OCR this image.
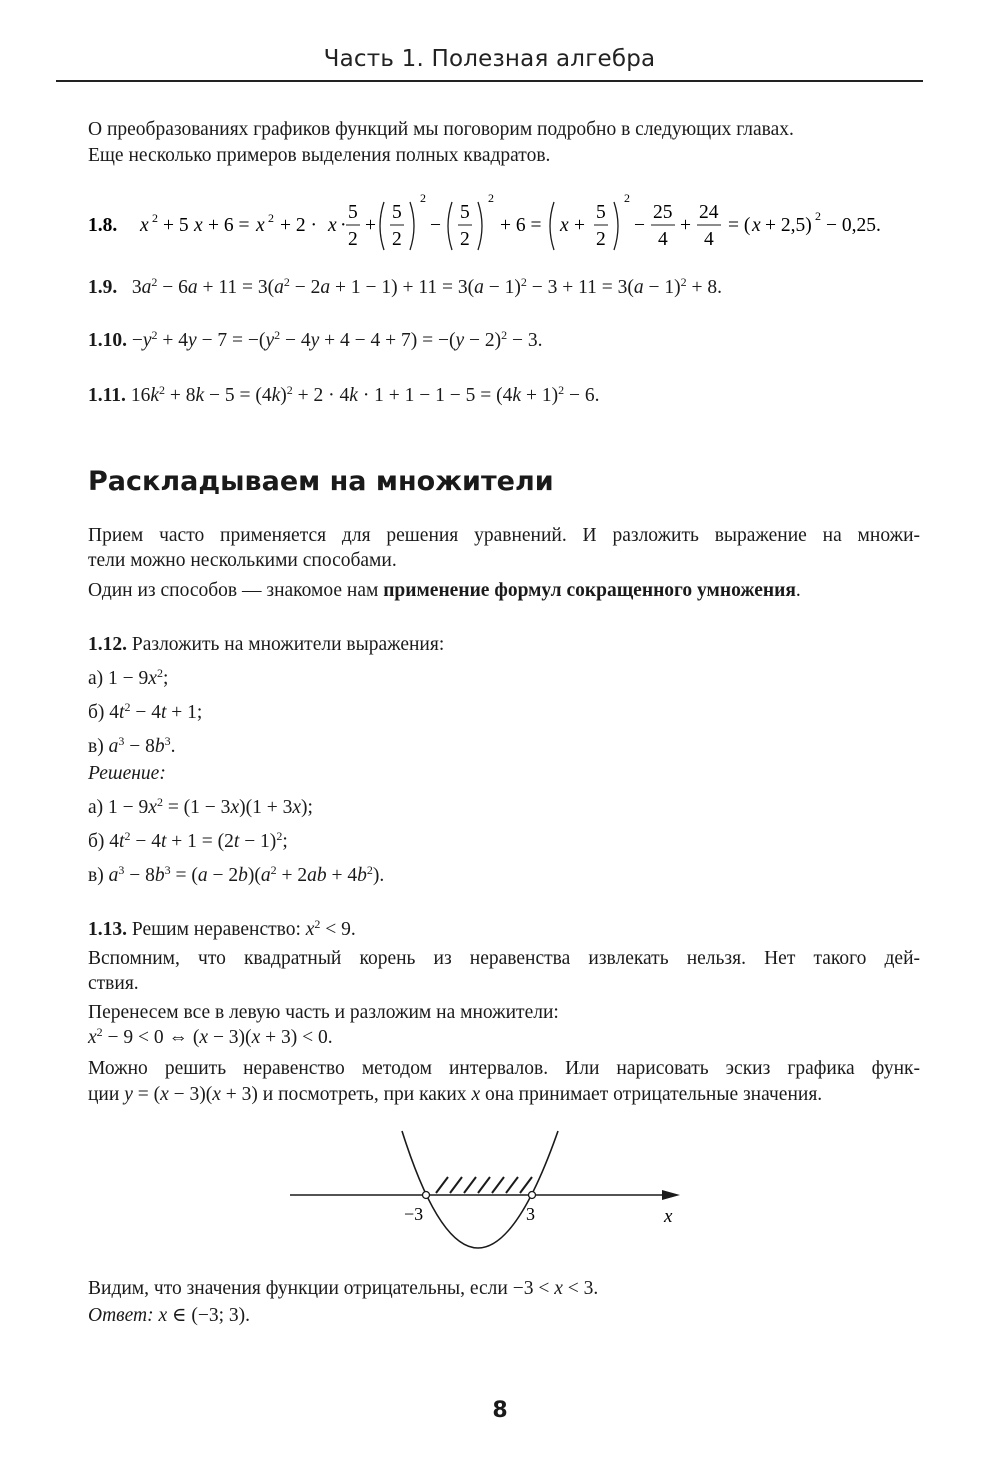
Часть 1. Полезная алгебра
О преобразованиях графиков функций мы поговорим подробно в следующих главах.
Еще несколько примеров выделения полных квадратов.
1.8. x 2 + 5 x + 6 = x 2 + 2 · x ·
5
2
+
5
2
2
−
5
2
2
+ 6 = x +
5
2
2
−
25
4
+
24
4
= ( x + 2,5) 2 − 0,25.
1.9.   $3a^2 - 6a + 11 = 3(a^2 - 2a + 1 - 1) + 11 = 3(a - 1)^2 - 3 + 11 = 3(a - 1)^2 + 8$.
1.10. $-y^2 + 4y - 7 = -(y^2 - 4y + 4 - 4 + 7) = -(y - 2)^2 - 3$.
1.11. $16k^2 + 8k - 5 = (4k)^2 + 2 \cdot 4k \cdot 1 + 1 - 1 - 5 = (4k + 1)^2 - 6$.
Раскладываем на множители
Прием часто применяется для решения уравнений. И разложить выражение на множи-
тели можно несколькими способами.
Один из способов — знакомое нам применение формул сокращенного умножения.
1.12. Разложить на множители выражения:
а) $1 - 9x^2$;
б) $4t^2 - 4t + 1$;
в) $a^3 - 8b^3$.
Решение:
а) $1 - 9x^2 = (1 - 3x)(1 + 3x)$;
б) $4t^2 - 4t + 1 = (2t - 1)^2$;
в) $a^3 - 8b^3 = (a - 2b)(a^2 + 2ab + 4b^2)$.
1.13. Решим неравенство: $x^2 < 9$.
Вспомним, что квадратный корень из неравенства извлекать нельзя. Нет такого дей-
ствия.
Перенесем все в левую часть и разложим на множители:
$x^2 - 9 < 0$ ⇔ (x − 3)(x + 3) < 0.
Можно решить неравенство методом интервалов. Или нарисовать эскиз графика функ-
ции y = (x − 3)(x + 3) и посмотреть, при каких x она принимает отрицательные значения.
−3	3	x
Видим, что значения функции отрицательны, если −3 < x < 3.
Ответ: x ∈ (−3; 3).
8
